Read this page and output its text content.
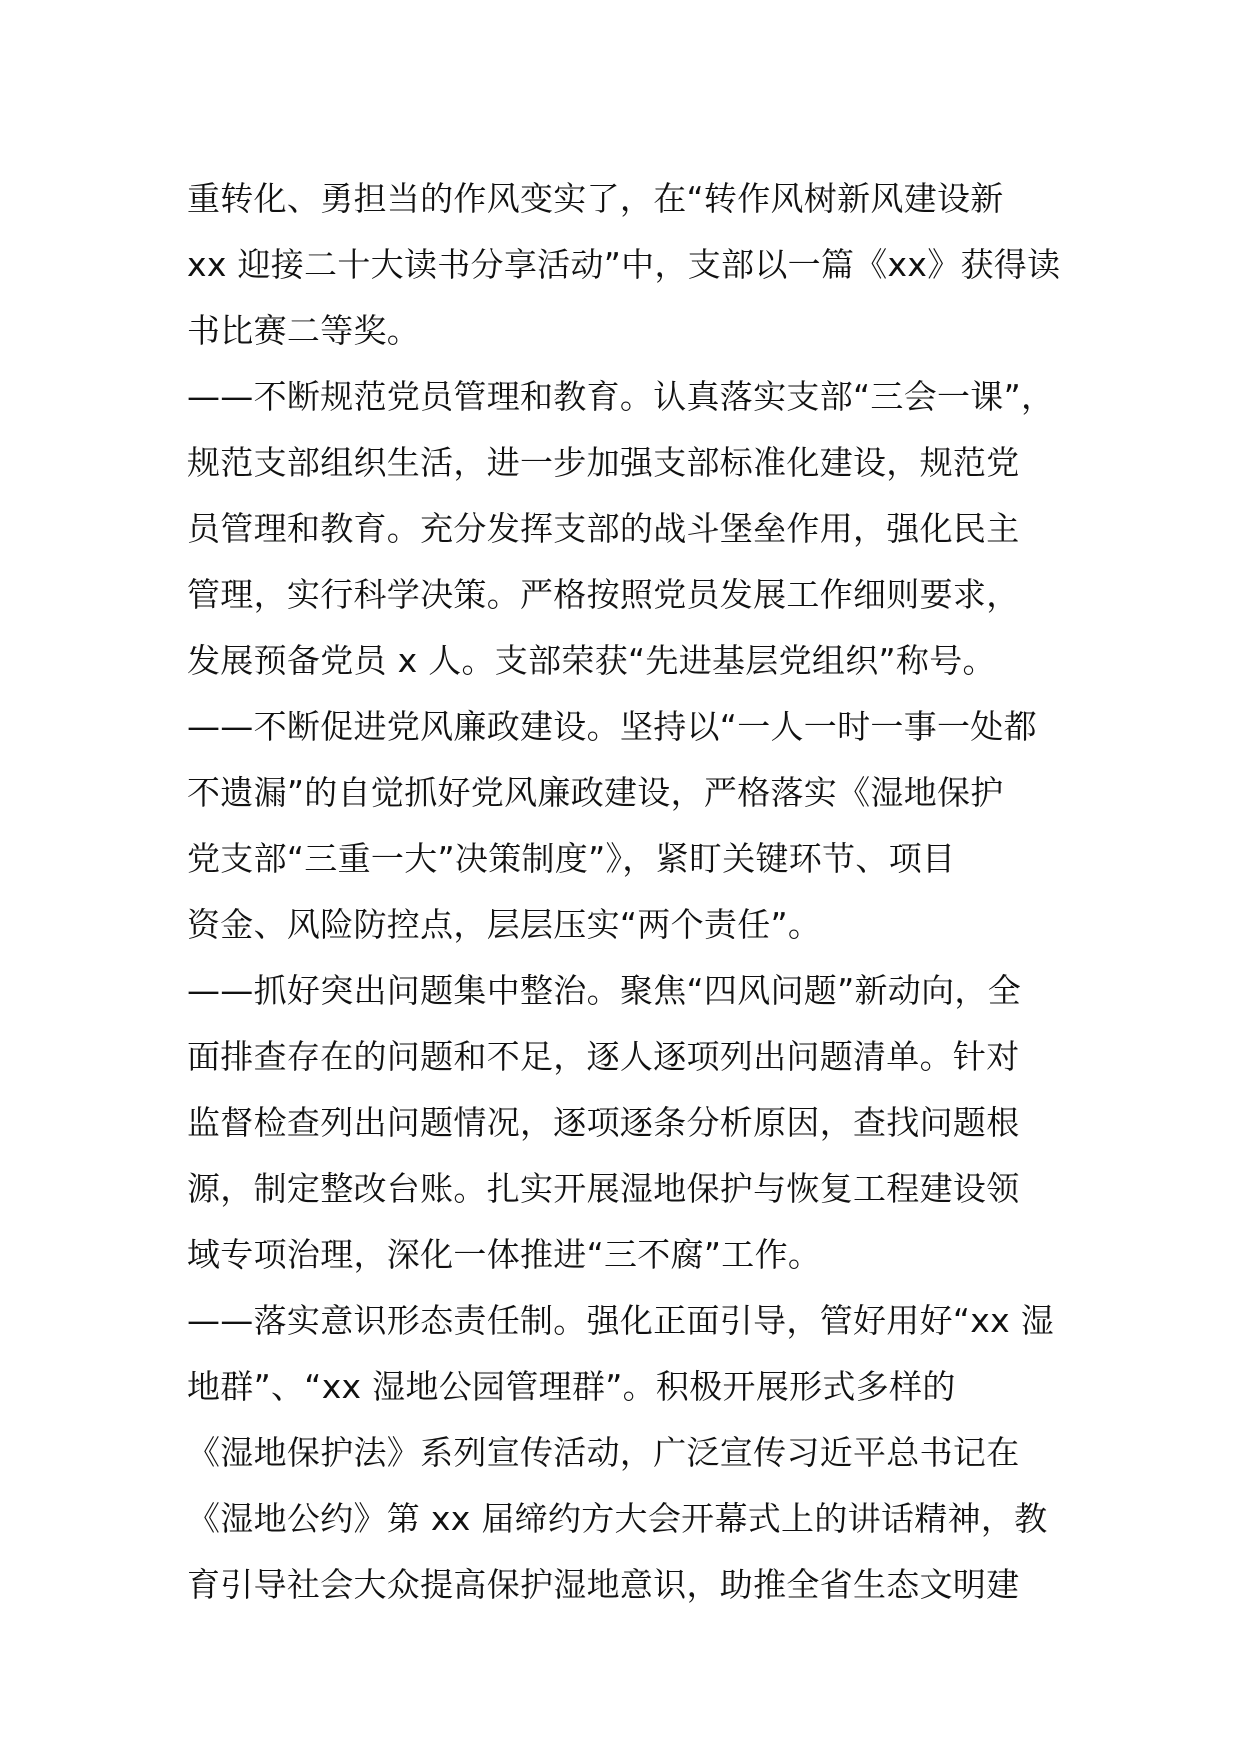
重转化、勇担当的作风变实了，在“转作风树新风建设新
xx 迎接二十大读书分享活动”中，支部以一篇《xx》获得读
书比赛二等奖。
——不断规范党员管理和教育。认真落实支部“三会一课”，
规范支部组织生活，进一步加强支部标准化建设，规范党
员管理和教育。充分发挥支部的战斗堡垒作用，强化民主
管理，实行科学决策。严格按照党员发展工作细则要求，
发展预备党员 x 人。支部荣获“先进基层党组织”称号。
——不断促进党风廉政建设。坚持以“一人一时一事一处都
不遗漏”的自觉抓好党风廉政建设，严格落实《湿地保护
党支部“三重一大”决策制度”》，紧盯关键环节、项目
资金、风险防控点，层层压实“两个责任”。
——抓好突出问题集中整治。聚焦“四风问题”新动向，全
面排查存在的问题和不足，逐人逐项列出问题清单。针对
监督检查列出问题情况，逐项逐条分析原因，查找问题根
源，制定整改台账。扎实开展湿地保护与恢复工程建设领
域专项治理，深化一体推进“三不腐”工作。
——落实意识形态责任制。强化正面引导，管好用好“xx 湿
地群”、“xx 湿地公园管理群”。积极开展形式多样的
《湿地保护法》系列宣传活动，广泛宣传习近平总书记在
《湿地公约》第 xx 届缔约方大会开幕式上的讲话精神，教
育引导社会大众提高保护湿地意识，助推全省生态文明建
